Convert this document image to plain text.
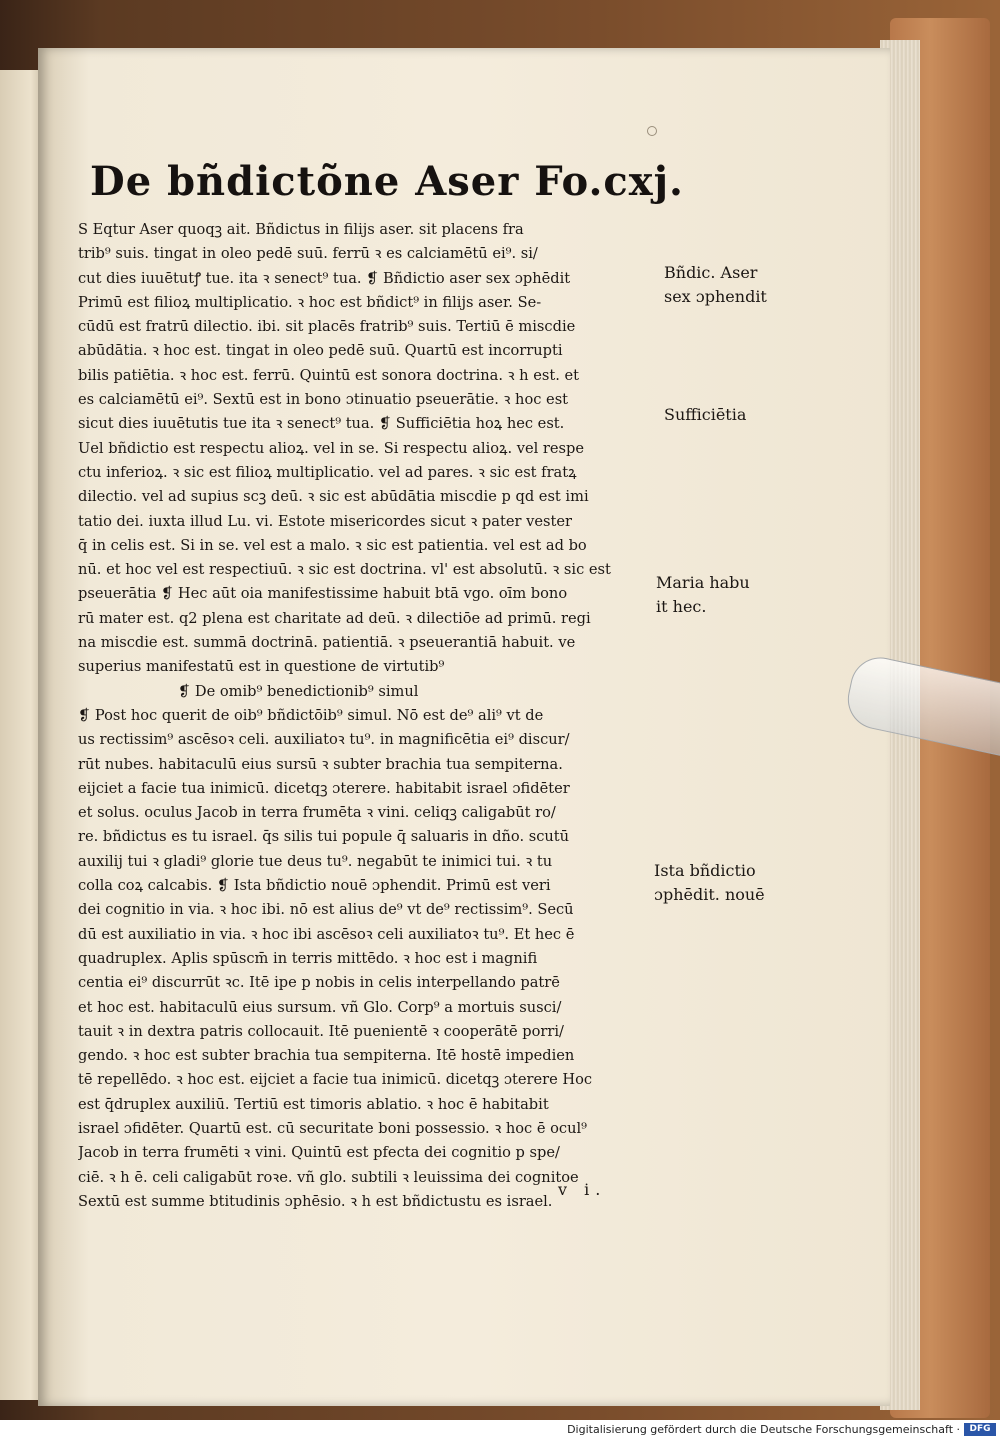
De bñdictõne Aser Fo.cxj.
S Eqtur Aser quoqꝫ ait. Bñdictus in filijs aser. sit placens fra
trib⁹ suis. tingat in oleo pedē suū. ferrū ꝛ es calciamētū ei⁹. si/
cut dies iuuētutꝭ tue. ita ꝛ senect⁹ tua. ❡ Bñdictio aser sex ɔphēdit
Primū est filioꝝ multiplicatio. ꝛ hoc est bñdict⁹ in filijs aser. Se-
cūdū est fratrū dilectio. ibi. sit placēs fratrib⁹ suis. Tertiū ē miscdie
abūdātia. ꝛ hoc est. tingat in oleo pedē suū. Quartū est incorrupti
bilis patiētia. ꝛ hoc est. ferrū. Quintū est sonora doctrina. ꝛ h est. et
es calciamētū ei⁹. Sextū est in bono ɔtinuatio pseuerātie. ꝛ hoc est
sicut dies iuuētutis tue ita ꝛ senect⁹ tua. ❡ Sufficiētia hoꝝ hec est.
Uel bñdictio est respectu alioꝝ. vel in se. Si respectu alioꝝ. vel respe
ctu inferioꝝ. ꝛ sic est filioꝝ multiplicatio. vel ad pares. ꝛ sic est fratꝝ
dilectio. vel ad supius scꝫ deū. ꝛ sic est abūdātia miscdie p qd est imi
tatio dei. iuxta illud Lu. vi. Estote misericordes sicut ꝛ pater vester
q̄ in celis est. Si in se. vel est a malo. ꝛ sic est patientia. vel est ad bo
nū. et hoc vel est respectiuū. ꝛ sic est doctrina. vl' est absolutū. ꝛ sic est
pseuerātia ❡ Hec aūt oia manifestissime habuit btā vgo. oīm bono
rū mater est. q2 plena est charitate ad deū. ꝛ dilectiōe ad primū. regi
na miscdie est. summā doctrinā. patientiā. ꝛ pseuerantiā habuit. ve
superius manifestatū est in questione de virtutib⁹
❡ De omib⁹ benedictionib⁹ simul
❡ Post hoc querit de oib⁹ bñdictōib⁹ simul. Nō est de⁹ ali⁹ vt de
us rectissim⁹ ascēsoꝛ celi. auxiliatoꝛ tu⁹. in magnificētia ei⁹ discur/
rūt nubes. habitaculū eius sursū ꝛ subter brachia tua sempiterna.
eijciet a facie tua inimicū. dicetqꝫ ɔterere. habitabit israel ɔfidēter
et solus. oculus Jacob in terra frumēta ꝛ vini. celiqꝫ caligabūt ro/
re. bñdictus es tu israel. q̄s silis tui popule q̄ saluaris in dño. scutū
auxilij tui ꝛ gladi⁹ glorie tue deus tu⁹. negabūt te inimici tui. ꝛ tu
colla coꝝ calcabis. ❡ Ista bñdictio nouē ɔphendit. Primū est veri
dei cognitio in via. ꝛ hoc ibi. nō est alius de⁹ vt de⁹ rectissim⁹. Secū
dū est auxiliatio in via. ꝛ hoc ibi ascēsoꝛ celi auxiliatoꝛ tu⁹. Et hec ē
quadruplex. Aplis spūscm̄ in terris mittēdo. ꝛ hoc est i magnifi
centia ei⁹ discurrūt ꝛc. Itē ipe p nobis in celis interpellando patrē
et hoc est. habitaculū eius sursum. vñ Glo. Corp⁹ a mortuis susci/
tauit ꝛ in dextra patris collocauit. Itē puenientē ꝛ cooperātē porri/
gendo. ꝛ hoc est subter brachia tua sempiterna. Itē hostē impedien
tē repellēdo. ꝛ hoc est. eijciet a facie tua inimicū. dicetqꝫ ɔterere Hoc
est q̄druplex auxiliū. Tertiū est timoris ablatio. ꝛ hoc ē habitabit
israel ɔfidēter. Quartū est. cū securitate boni possessio. ꝛ hoc ē ocul⁹
Jacob in terra frumēti ꝛ vini. Quintū est pfecta dei cognitio p spe/
ciē. ꝛ h ē. celi caligabūt roꝛe. vñ glo. subtili ꝛ leuissima dei cognitoe
Sextū est summe btitudinis ɔphēsio. ꝛ h est bñdictustu es israel.
Bñdic. Aser
sex ɔphendit
Sufficiētia
Maria habu
it hec.
Ista bñdictio
ɔphēdit. nouē
v i.
Digitalisierung gefördert durch die Deutsche Forschungsgemeinschaft ·	DFG
